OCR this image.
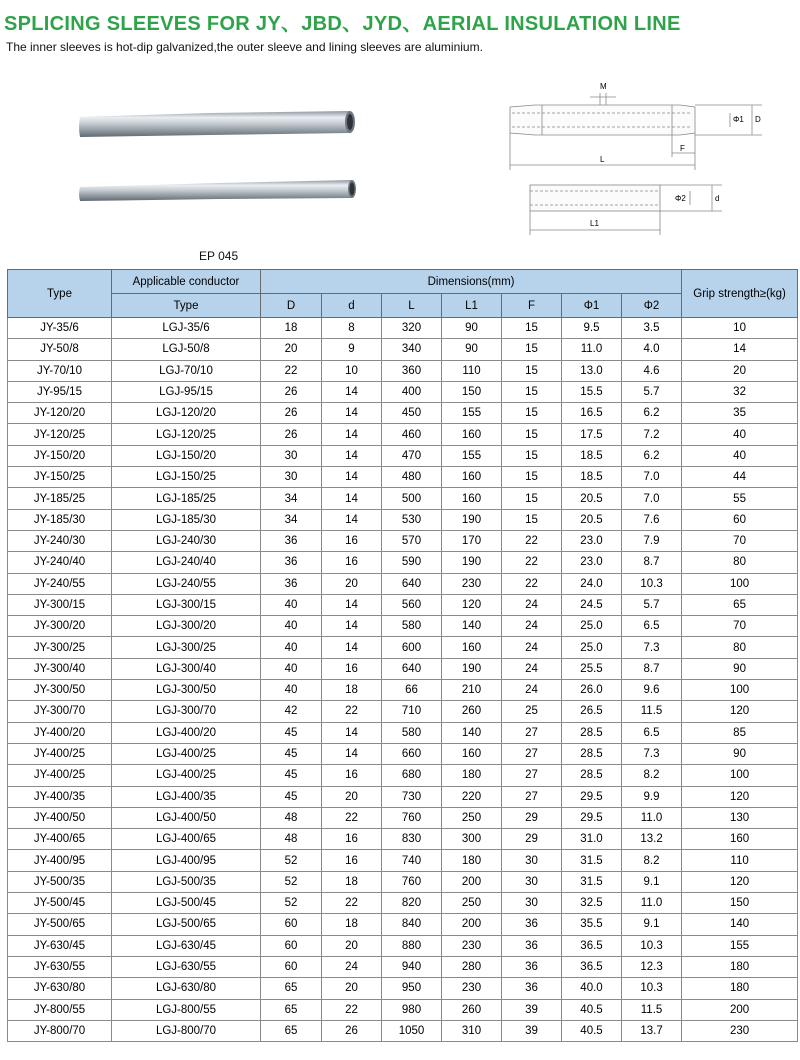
SPLICING SLEEVES FOR JY、JBD、JYD、AERIAL INSULATION LINE
The inner sleeves is hot-dip galvanized,the outer sleeve and lining sleeves are aluminium.
EP 045
M
Φ1 D
L
F
Φ2	d
L1
Type	Applicable conductor	Dimensions(mm)							Grip strength≥(kg)
	Type	D	d	L	L1	F	Φ1	Φ2	
JY-35/6	LGJ-35/6	18	8	320	90	15	9.5	3.5	10
JY-50/8	LGJ-50/8	20	9	340	90	15	11.0	4.0	14
JY-70/10	LGJ-70/10	22	10	360	110	15	13.0	4.6	20
JY-95/15	LGJ-95/15	26	14	400	150	15	15.5	5.7	32
JY-120/20	LGJ-120/20	26	14	450	155	15	16.5	6.2	35
JY-120/25	LGJ-120/25	26	14	460	160	15	17.5	7.2	40
JY-150/20	LGJ-150/20	30	14	470	155	15	18.5	6.2	40
JY-150/25	LGJ-150/25	30	14	480	160	15	18.5	7.0	44
JY-185/25	LGJ-185/25	34	14	500	160	15	20.5	7.0	55
JY-185/30	LGJ-185/30	34	14	530	190	15	20.5	7.6	60
JY-240/30	LGJ-240/30	36	16	570	170	22	23.0	7.9	70
JY-240/40	LGJ-240/40	36	16	590	190	22	23.0	8.7	80
JY-240/55	LGJ-240/55	36	20	640	230	22	24.0	10.3	100
JY-300/15	LGJ-300/15	40	14	560	120	24	24.5	5.7	65
JY-300/20	LGJ-300/20	40	14	580	140	24	25.0	6.5	70
JY-300/25	LGJ-300/25	40	14	600	160	24	25.0	7.3	80
JY-300/40	LGJ-300/40	40	16	640	190	24	25.5	8.7	90
JY-300/50	LGJ-300/50	40	18	66	210	24	26.0	9.6	100
JY-300/70	LGJ-300/70	42	22	710	260	25	26.5	11.5	120
JY-400/20	LGJ-400/20	45	14	580	140	27	28.5	6.5	85
JY-400/25	LGJ-400/25	45	14	660	160	27	28.5	7.3	90
JY-400/25	LGJ-400/25	45	16	680	180	27	28.5	8.2	100
JY-400/35	LGJ-400/35	45	20	730	220	27	29.5	9.9	120
JY-400/50	LGJ-400/50	48	22	760	250	29	29.5	11.0	130
JY-400/65	LGJ-400/65	48	16	830	300	29	31.0	13.2	160
JY-400/95	LGJ-400/95	52	16	740	180	30	31.5	8.2	110
JY-500/35	LGJ-500/35	52	18	760	200	30	31.5	9.1	120
JY-500/45	LGJ-500/45	52	22	820	250	30	32.5	11.0	150
JY-500/65	LGJ-500/65	60	18	840	200	36	35.5	9.1	140
JY-630/45	LGJ-630/45	60	20	880	230	36	36.5	10.3	155
JY-630/55	LGJ-630/55	60	24	940	280	36	36.5	12.3	180
JY-630/80	LGJ-630/80	65	20	950	230	36	40.0	10.3	180
JY-800/55	LGJ-800/55	65	22	980	260	39	40.5	11.5	200
JY-800/70	LGJ-800/70	65	26	1050	310	39	40.5	13.7	230
